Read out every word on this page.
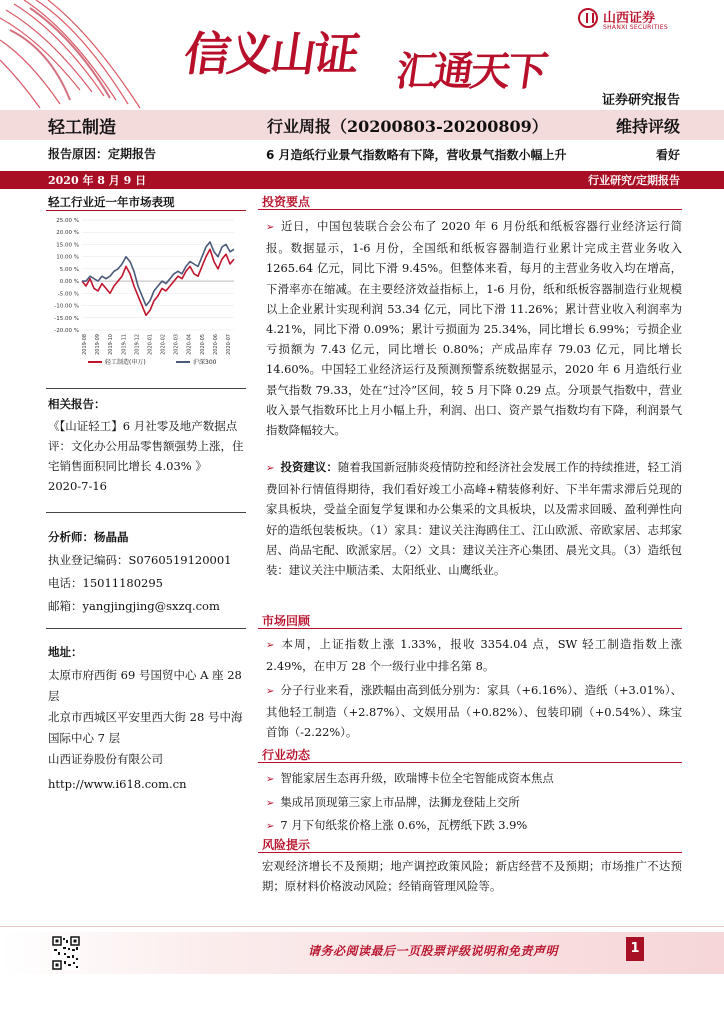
信义山证 汇通天下
山西证券
SHANXI SECURITIES
证券研究报告
轻工制造	行业周报（20200803-20200809）	维持评级
报告原因：定期报告	6 月造纸行业景气指数略有下降，营收景气指数小幅上升	看好
2020 年 8 月 9 日	行业研究/定期报告
轻工行业近一年市场表现
25.00 %
20.00 %
15.00 %
10.00 %
5.00 %
0.00 %
-5.00 %
-10.00 %
-15.00 %
-20.00 %
2019-08 2019-09 2019-10 2019-11 2019-12 2020-01 2020-02 2020-03 2020-04 2020-05 2020-06 2020-07
轻工制造(申万)	沪深300
相关报告：
《【山证轻工】6 月社零及地产数据点评：文化办公用品零售额强势上涨，住宅销售面积同比增长 4.03% 》
2020-7-16
分析师：杨晶晶
执业登记编码：S0760519120001
电话：15011180295
邮箱：yangjingjing@sxzq.com
地址：
太原市府西街 69 号国贸中心 A 座 28 层
北京市西城区平安里西大街 28 号中海国际中心 7 层
山西证券股份有限公司
http://www.i618.com.cn
投资要点
➢ 近日，中国包装联合会公布了 2020 年 6 月份纸和纸板容器行业经济运行简报。数据显示，1-6 月份，全国纸和纸板容器制造行业累计完成主营业务收入 1265.64 亿元，同比下滑 9.45%。但整体来看，每月的主营业务收入均在增高，下滑率亦在缩减。在主要经济效益指标上，1-6 月份，纸和纸板容器制造行业规模以上企业累计实现利润 53.34 亿元，同比下滑 11.26%；累计营业收入利润率为 4.21%，同比下滑 0.09%；累计亏损面为 25.34%，同比增长 6.99%；亏损企业亏损额为 7.43 亿元，同比增长 0.80%；产成品库存 79.03 亿元，同比增长 14.60%。中国轻工业经济运行及预测预警系统数据显示，2020 年 6 月造纸行业景气指数 79.33，处在“过冷”区间，较 5 月下降 0.29 点。分项景气指数中，营业收入景气指数环比上月小幅上升，利润、出口、资产景气指数均有下降，利润景气指数降幅较大。
➢ 投资建议：随着我国新冠肺炎疫情防控和经济社会发展工作的持续推进，轻工消费回补行情值得期待，我们看好竣工小高峰+精装修利好、下半年需求滞后兑现的家具板块，受益全面复学复课和办公集采的文具板块，以及需求回暖、盈利弹性向好的造纸包装板块。（1）家具：建议关注海鸥住工、江山欧派、帝欧家居、志邦家居、尚品宅配、欧派家居。（2）文具：建议关注齐心集团、晨光文具。（3）造纸包装：建议关注中顺洁柔、太阳纸业、山鹰纸业。
市场回顾
➢ 本周，上证指数上涨 1.33%，报收 3354.04 点，SW 轻工制造指数上涨 2.49%，在申万 28 个一级行业中排名第 8。
➢ 分子行业来看，涨跌幅由高到低分别为：家具（+6.16%）、造纸（+3.01%）、其他轻工制造（+2.87%）、文娱用品（+0.82%）、包装印刷（+0.54%）、珠宝首饰（-2.22%）。
行业动态
➢ 智能家居生态再升级，欧瑞博卡位全宅智能成资本焦点
➢ 集成吊顶现第三家上市品牌，法狮龙登陆上交所
➢ 7 月下旬纸浆价格上涨 0.6%，瓦楞纸下跌 3.9%
风险提示
宏观经济增长不及预期；地产调控政策风险；新店经营不及预期；市场推广不达预期；原材料价格波动风险；经销商管理风险等。
请务必阅读最后一页股票评级说明和免责声明	1
